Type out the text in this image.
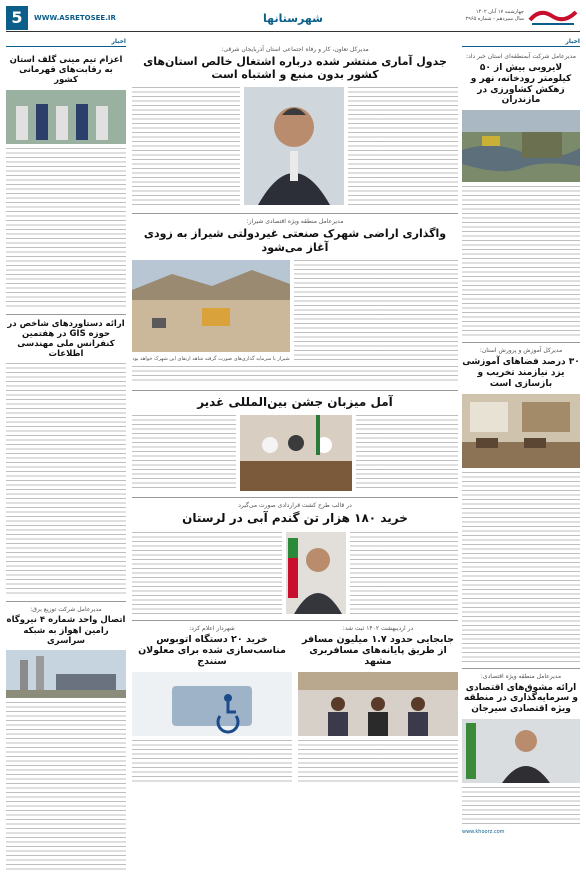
5	WWW.ASRETOSEE.IR	شهرستانها	چهارشنبه ۱۷ آبان ۱۴۰۲
سال سیزدهم - شماره ۲۹۶۵
اخبار
مدیرعامل شرکت آبمنطقه‌ای استان خبر داد:
لایروبی بیش از ۵۰ کیلومتر رودخانه، نهر و زهکش کشاورزی در مازندران
مدیرکل آموزش و پرورش استان:
۳۰ درصد فضاهای آموزشی یزد نیازمند تخریب و بازسازی است
مدیرعامل منطقه ویژه اقتصادی:
ارائه مشوق‌های اقتصادی و سرمایه‌گذاری در منطقه ویژه اقتصادی سیرجان
www.khoorz.com
مدیرکل تعاون، کار و رفاه اجتماعی استان آذربایجان شرقی:
جدول آماری منتشر شده درباره اشتغال خالص استان‌های کشور بدون منبع و اشتباه است
مدیرعامل منطقه ویژه اقتصادی شیراز:
واگذاری اراضی شهرک صنعتی غیردولتی شیراز به زودی آغاز می‌شود
شیراز با سرمایه گذاری‌های صورت گرفته شاهد ارتقای این شهرک خواهد بود
آمل میزبان جشن بین‌المللی غدیر
در قالب طرح کشت قراردادی صورت می‌گیرد
خرید ۱۸۰ هزار تن گندم آبی در لرستان
در اردیبهشت ۱۴۰۲ ثبت شد:
جابجایی حدود ۱.۷ میلیون مسافر از طریق پایانه‌های مسافربری مشهد
شهردار اعلام کرد:
خرید ۲۰ دستگاه اتوبوس مناسب‌سازی شده برای معلولان سنندج
اخبار
اعزام تیم مینی گلف استان به رقابت‌های قهرمانی کشور
ارائه دستاوردهای شاخص در حوزه GIS در هفتمین کنفرانس ملی مهندسی اطلاعات
مدیرعامل شرکت توزیع برق:
اتصال واحد شماره ۴ نیروگاه رامین اهواز به شبکه سراسری
